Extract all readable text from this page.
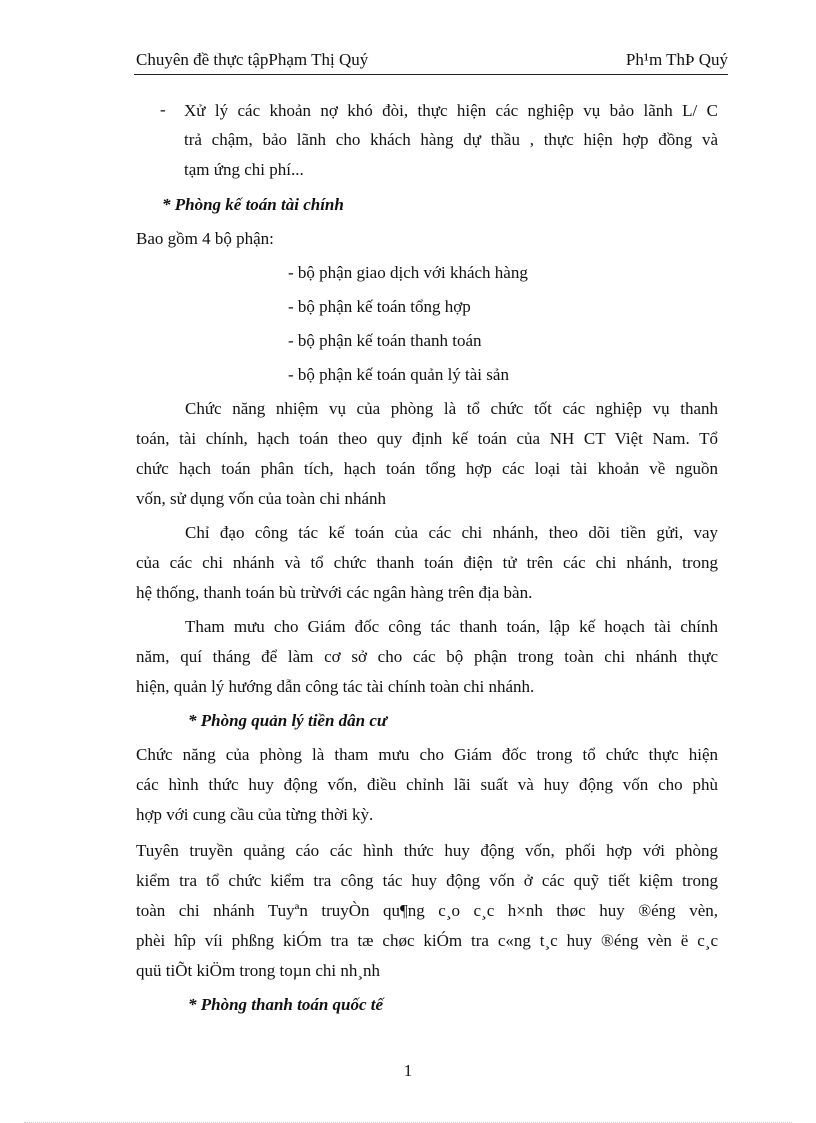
Chuyên đề thực tậpPhạm Thị Quý	Ph¹m ThÞ Quý
- Xử lý các khoản nợ khó đòi, thực hiện các nghiệp vụ bảo lãnh L/ C
trả chậm, bảo lãnh cho khách hàng dự thầu , thực hiện hợp đồng và
tạm ứng chi phí...
* Phòng kế toán tài chính
Bao gồm 4 bộ phận:
- bộ phận giao dịch với khách hàng
- bộ phận kế toán tổng hợp
- bộ phận kế toán thanh toán
- bộ phận kế toán quản lý tài sản
Chức năng nhiệm vụ của phòng là tổ chức tốt các nghiệp vụ thanh
toán, tài chính, hạch toán theo quy định kế toán của NH CT Việt Nam. Tổ
chức hạch toán phân tích, hạch toán tổng hợp các loại tài khoản về nguồn
vốn, sử dụng vốn của toàn chi nhánh
Chỉ đạo công tác kế toán của các chi nhánh, theo dõi tiền gửi, vay
của các chi nhánh và tổ chức thanh toán điện tử trên các chi nhánh, trong
hệ thống, thanh toán bù trừvới các ngân hàng trên địa bàn.
Tham mưu cho Giám đốc công tác thanh toán, lập kế hoạch tài chính
năm, quí tháng để làm cơ sở cho các bộ phận trong toàn chi nhánh thực
hiện, quản lý hướng dẫn công tác tài chính toàn chi nhánh.
* Phòng quản lý tiền dân cư
Chức năng của phòng là tham mưu cho Giám đốc trong tổ chức thực hiện
các hình thức huy động vốn, điều chỉnh lãi suất và huy động vốn cho phù
hợp với cung cầu của từng thời kỳ.
Tuyên truyền quảng cáo các hình thức huy động vốn, phối hợp với phòng
kiểm tra tổ chức kiểm tra công tác huy động vốn ở các quỹ tiết kiệm trong
toàn chi nhánh Tuyªn truyÒn qu¶ng c¸o c¸c h×nh thøc huy ®éng vèn,
phèi hîp víi phßng kiÓm tra tæ chøc kiÓm tra c«ng t¸c huy ®éng vèn ë c¸c
quü tiÕt kiÖm trong toµn chi nh¸nh
* Phòng thanh toán quốc tế
1
